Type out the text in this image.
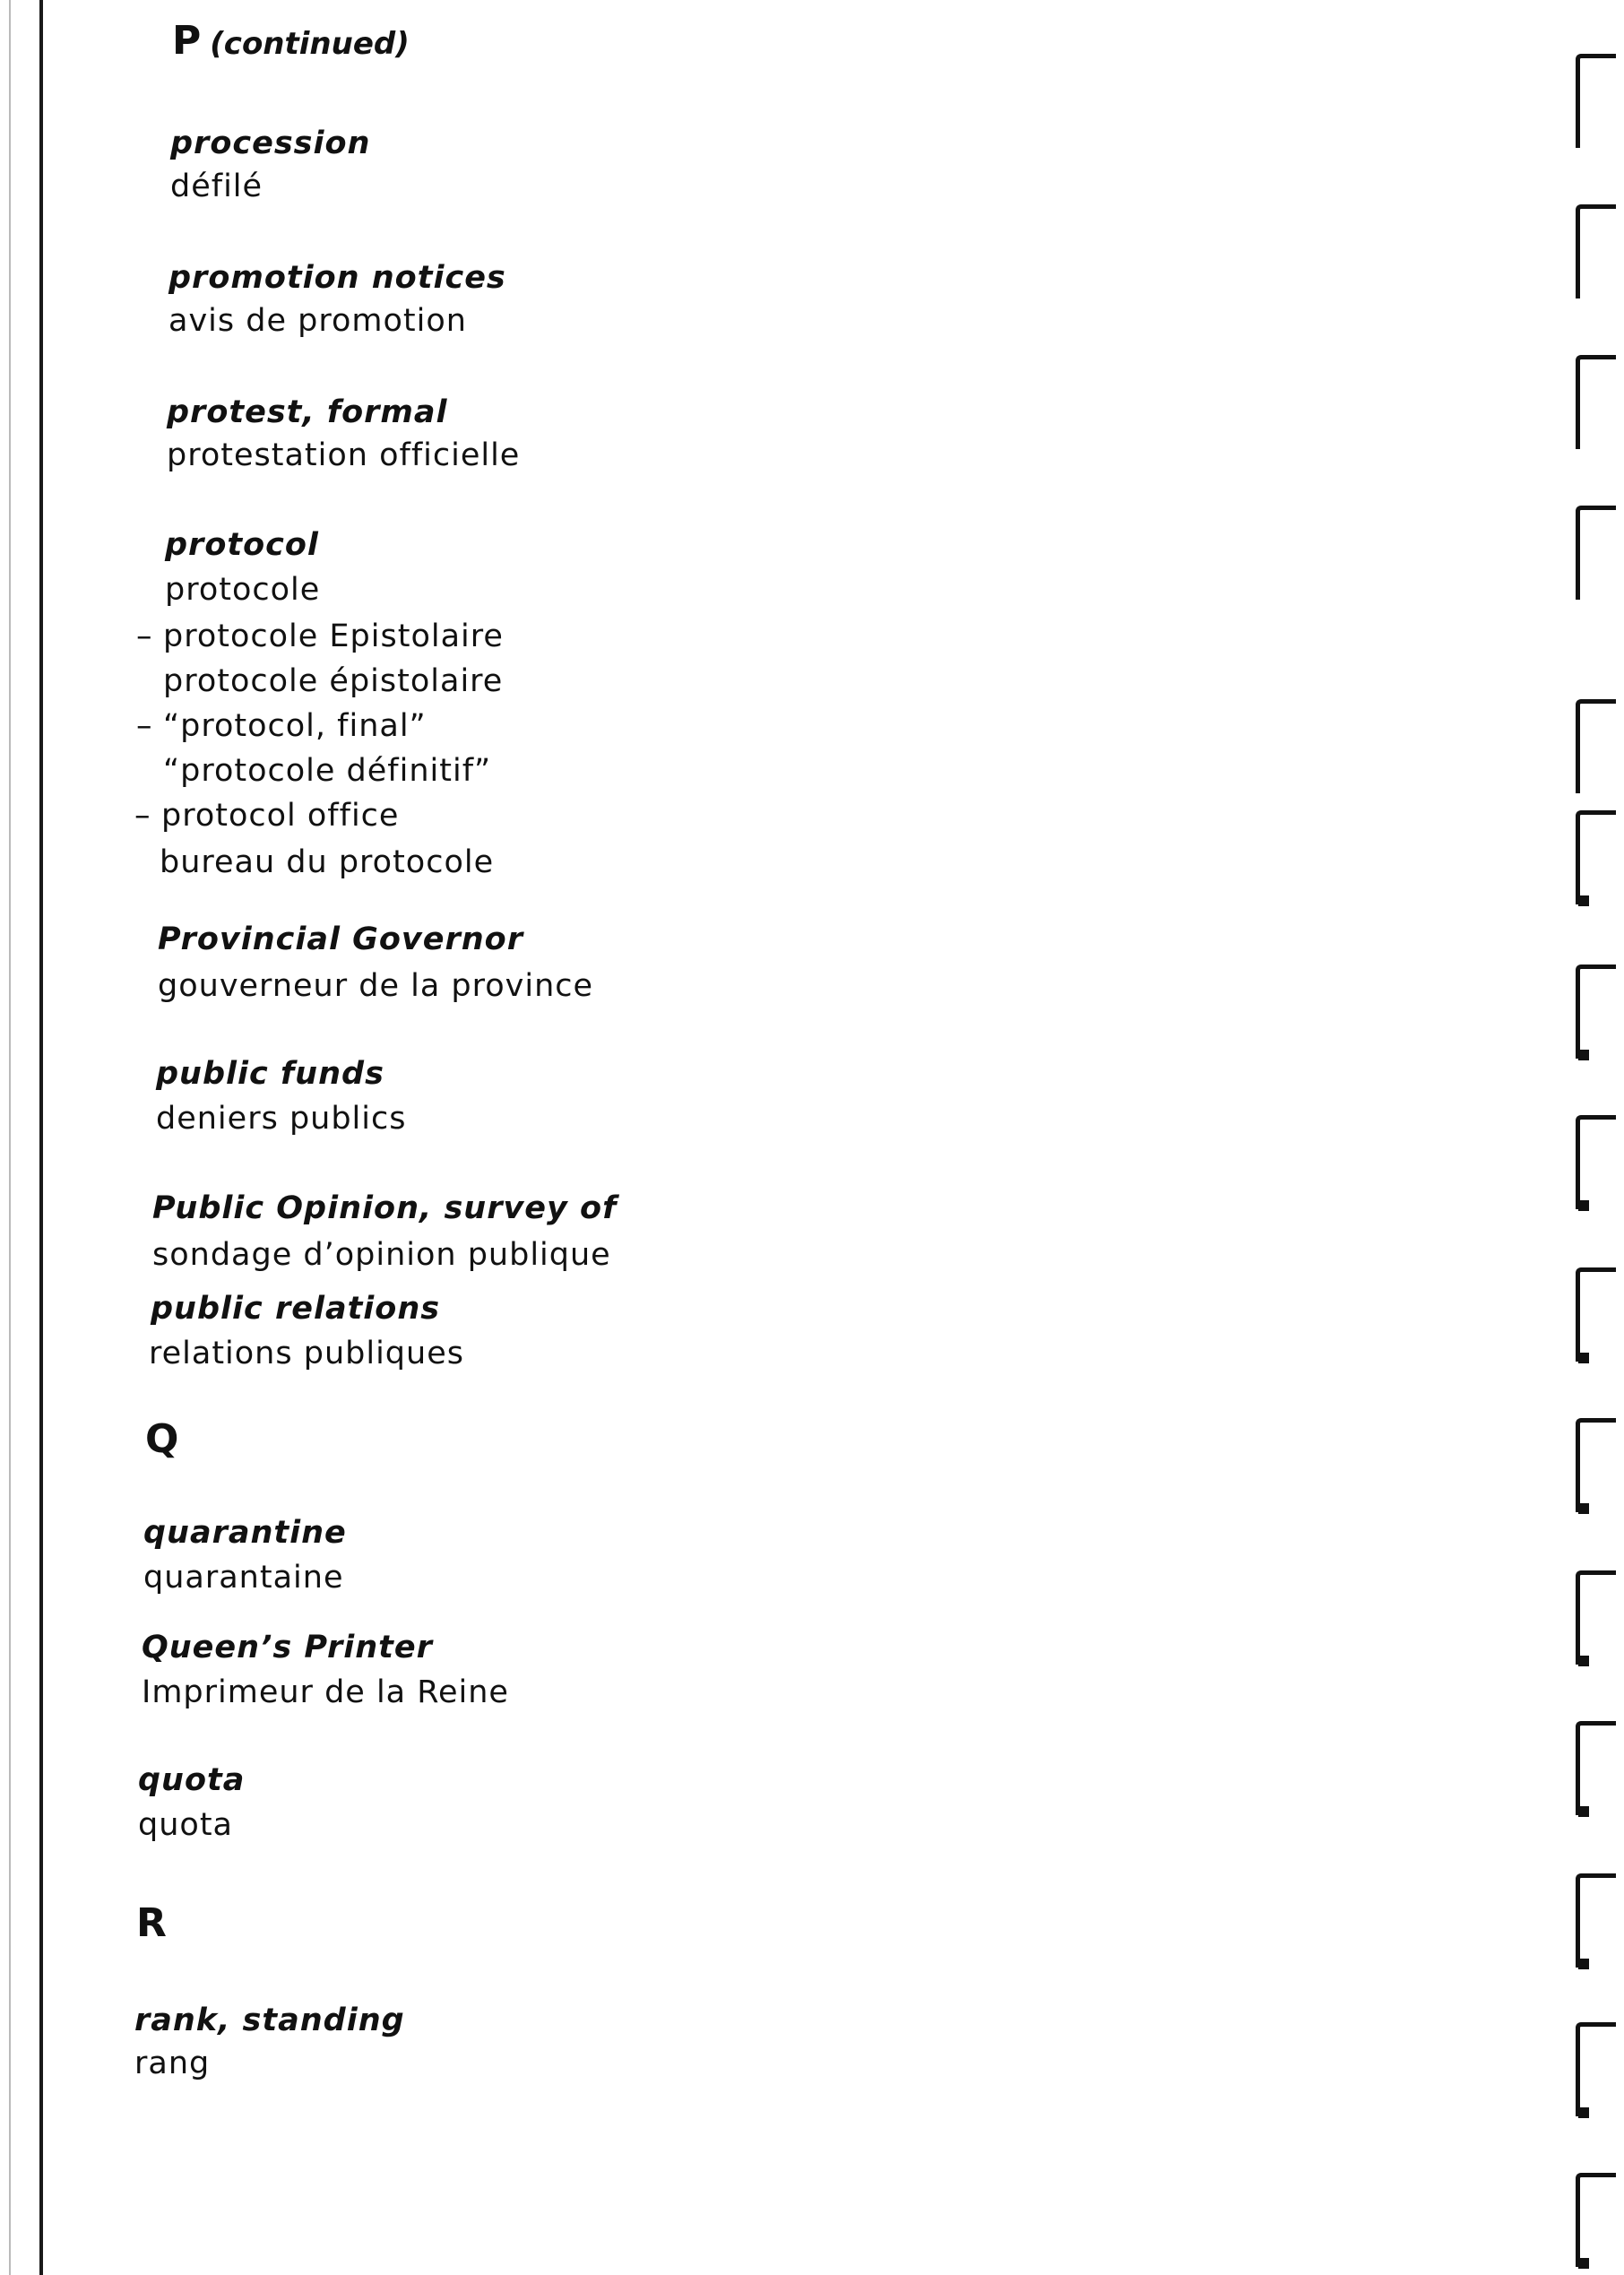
P (continued)
procession
défilé
promotion notices
avis de promotion
protest, formal
protestation officielle
protocol
protocole
– protocole Epistolaire
protocole épistolaire
– “protocol, final”
“protocole définitif”
– protocol office
bureau du protocole
Provincial Governor
gouverneur de la province
public funds
deniers publics
Public Opinion, survey of
sondage d’opinion publique
public relations
relations publiques
Q
quarantine
quarantaine
Queen’s Printer
Imprimeur de la Reine
quota
quota
R
rank, standing
rang
